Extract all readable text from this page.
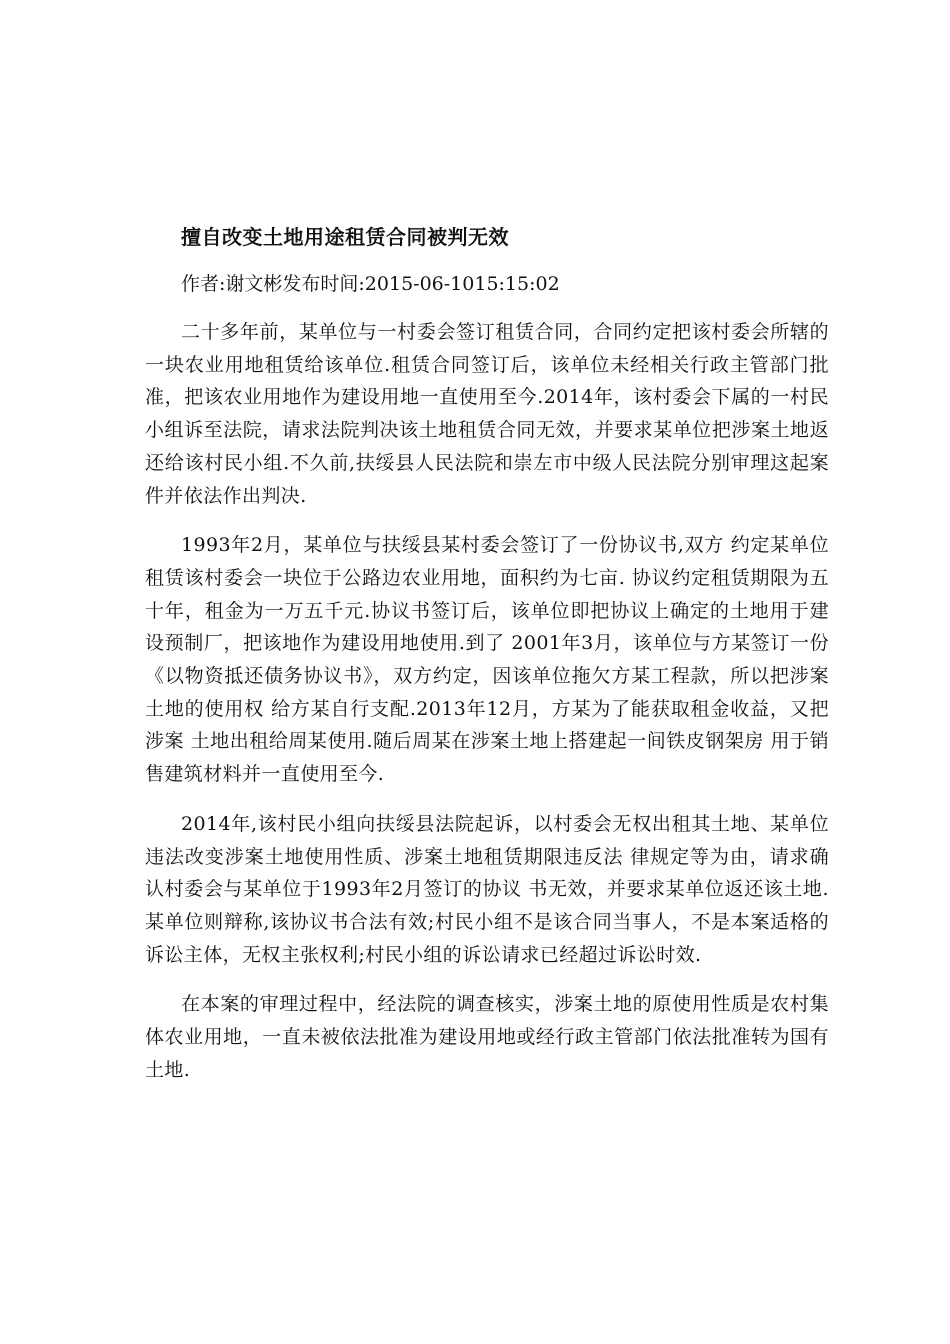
擅自改变土地用途租赁合同被判无效

作者:谢文彬发布时间:2015-06-1015:15:02

二十多年前，某单位与一村委会签订租赁合同，合同约定把该村委会所辖的一块农业用地租赁给该单位.租赁合同签订后，该单位未经相关行政主管部门批准，把该农业用地作为建设用地一直使用至今.2014年，该村委会下属的一村民小组诉至法院，请求法院判决该土地租赁合同无效，并要求某单位把涉案土地返还给该村民小组.不久前,扶绥县人民法院和崇左市中级人民法院分别审理这起案件并依法作出判决.

1993年2月，某单位与扶绥县某村委会签订了一份协议书,双方 约定某单位租赁该村委会一块位于公路边农业用地，面积约为七亩. 协议约定租赁期限为五十年，租金为一万五千元.协议书签订后，该单位即把协议上确定的土地用于建设预制厂，把该地作为建设用地使用.到了 2001年3月，该单位与方某签订一份《以物资抵还债务协议书》，双方约定，因该单位拖欠方某工程款，所以把涉案土地的使用权 给方某自行支配.2013年12月，方某为了能获取租金收益，又把涉案 土地出租给周某使用.随后周某在涉案土地上搭建起一间铁皮钢架房 用于销售建筑材料并一直使用至今.

2014年,该村民小组向扶绥县法院起诉，以村委会无权出租其土地、某单位违法改变涉案土地使用性质、涉案土地租赁期限违反法 律规定等为由，请求确认村委会与某单位于1993年2月签订的协议 书无效，并要求某单位返还该土地.某单位则辩称,该协议书合法有效;村民小组不是该合同当事人，不是本案适格的诉讼主体，无权主张权利;村民小组的诉讼请求已经超过诉讼时效.

在本案的审理过程中，经法院的调查核实，涉案土地的原使用性质是农村集体农业用地，一直未被依法批准为建设用地或经行政主管部门依法批准转为国有土地.
